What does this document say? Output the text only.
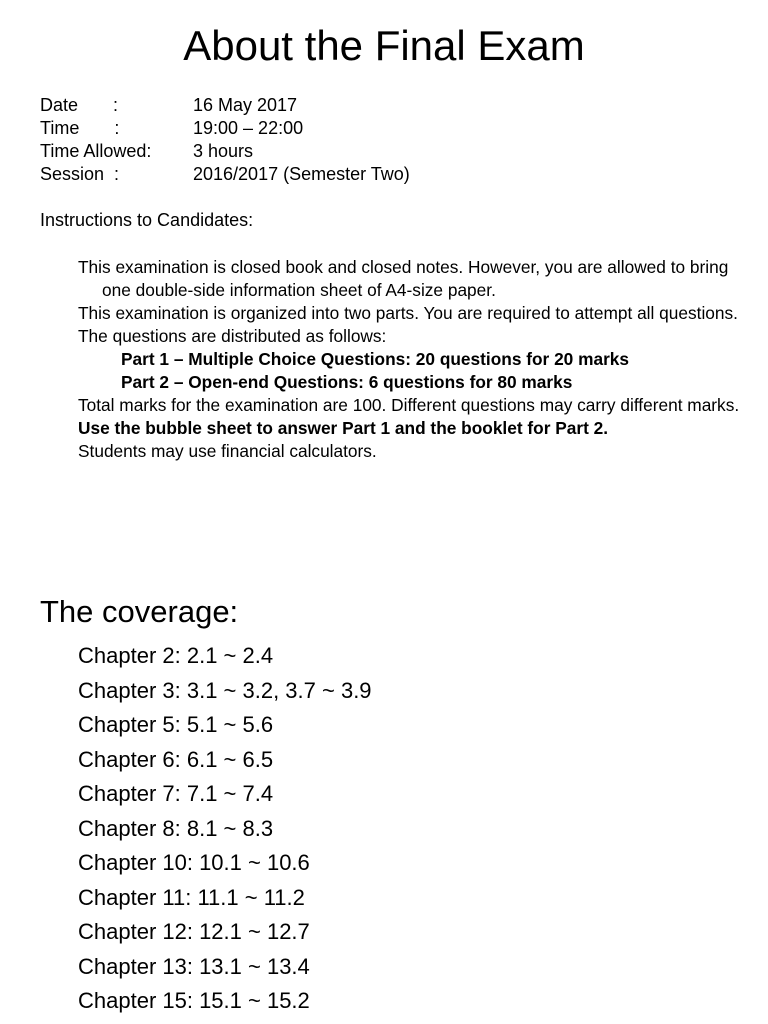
About the Final Exam
Date       :	16 May 2017
Time       :	19:00 – 22:00
Time Allowed: 3 hours
Session  :	2016/2017 (Semester Two)
Instructions to Candidates:
This examination is closed book and closed notes. However, you are allowed to bring one double-side information sheet of A4-size paper.
This examination is organized into two parts. You are required to attempt all questions.
The questions are distributed as follows:
Part 1 – Multiple Choice Questions: 20 questions for 20 marks
Part 2 – Open-end Questions: 6 questions for 80 marks
Total marks for the examination are 100. Different questions may carry different marks.
Use the bubble sheet to answer Part 1 and the booklet for Part 2.
Students may use financial calculators.
The coverage:
Chapter 2: 2.1 ~ 2.4
Chapter 3: 3.1 ~ 3.2, 3.7 ~ 3.9
Chapter 5: 5.1 ~ 5.6
Chapter 6: 6.1 ~ 6.5
Chapter 7: 7.1 ~ 7.4
Chapter 8: 8.1 ~ 8.3
Chapter 10: 10.1 ~ 10.6
Chapter 11: 11.1 ~ 11.2
Chapter 12: 12.1 ~ 12.7
Chapter 13: 13.1 ~ 13.4
Chapter 15: 15.1 ~ 15.2
